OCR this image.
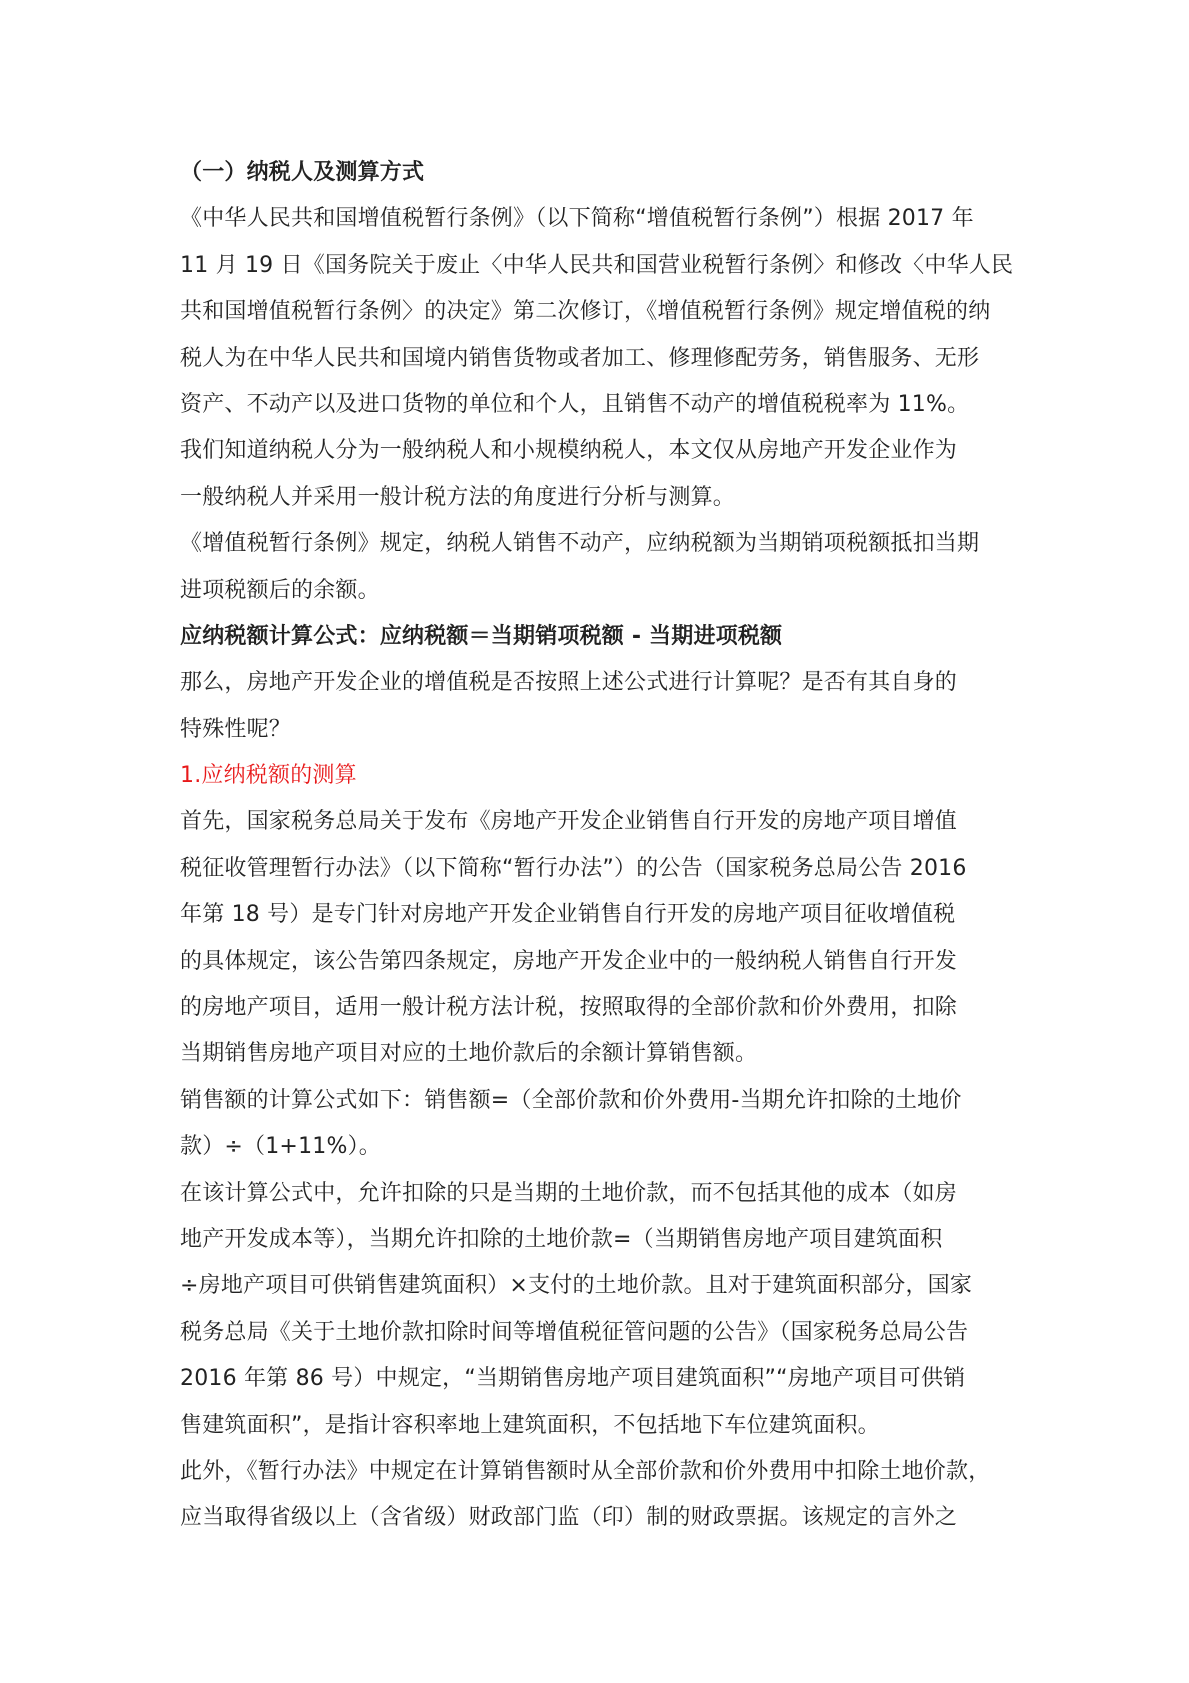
（一）纳税人及测算方式
《中华人民共和国增值税暂行条例》（以下简称“增值税暂行条例”）根据 2017 年
11 月 19 日《国务院关于废止〈中华人民共和国营业税暂行条例〉和修改〈中华人民
共和国增值税暂行条例〉的决定》第二次修订，《增值税暂行条例》规定增值税的纳
税人为在中华人民共和国境内销售货物或者加工、修理修配劳务，销售服务、无形
资产、不动产以及进口货物的单位和个人，且销售不动产的增值税税率为 11%。
我们知道纳税人分为一般纳税人和小规模纳税人，本文仅从房地产开发企业作为
一般纳税人并采用一般计税方法的角度进行分析与测算。
《增值税暂行条例》规定，纳税人销售不动产，应纳税额为当期销项税额抵扣当期
进项税额后的余额。
应纳税额计算公式：应纳税额＝当期销项税额 - 当期进项税额
那么，房地产开发企业的增值税是否按照上述公式进行计算呢？是否有其自身的
特殊性呢？
1.应纳税额的测算
首先，国家税务总局关于发布《房地产开发企业销售自行开发的房地产项目增值
税征收管理暂行办法》（以下简称“暂行办法”）的公告（国家税务总局公告 2016
年第 18 号）是专门针对房地产开发企业销售自行开发的房地产项目征收增值税
的具体规定，该公告第四条规定，房地产开发企业中的一般纳税人销售自行开发
的房地产项目，适用一般计税方法计税，按照取得的全部价款和价外费用，扣除
当期销售房地产项目对应的土地价款后的余额计算销售额。
销售额的计算公式如下：销售额=（全部价款和价外费用-当期允许扣除的土地价
款）÷（1+11%）。
在该计算公式中，允许扣除的只是当期的土地价款，而不包括其他的成本（如房
地产开发成本等），当期允许扣除的土地价款=（当期销售房地产项目建筑面积
÷房地产项目可供销售建筑面积）×支付的土地价款。且对于建筑面积部分，国家
税务总局《关于土地价款扣除时间等增值税征管问题的公告》（国家税务总局公告
2016 年第 86 号）中规定，“当期销售房地产项目建筑面积”“房地产项目可供销
售建筑面积”，是指计容积率地上建筑面积，不包括地下车位建筑面积。
此外，《暂行办法》中规定在计算销售额时从全部价款和价外费用中扣除土地价款，
应当取得省级以上（含省级）财政部门监（印）制的财政票据。该规定的言外之
